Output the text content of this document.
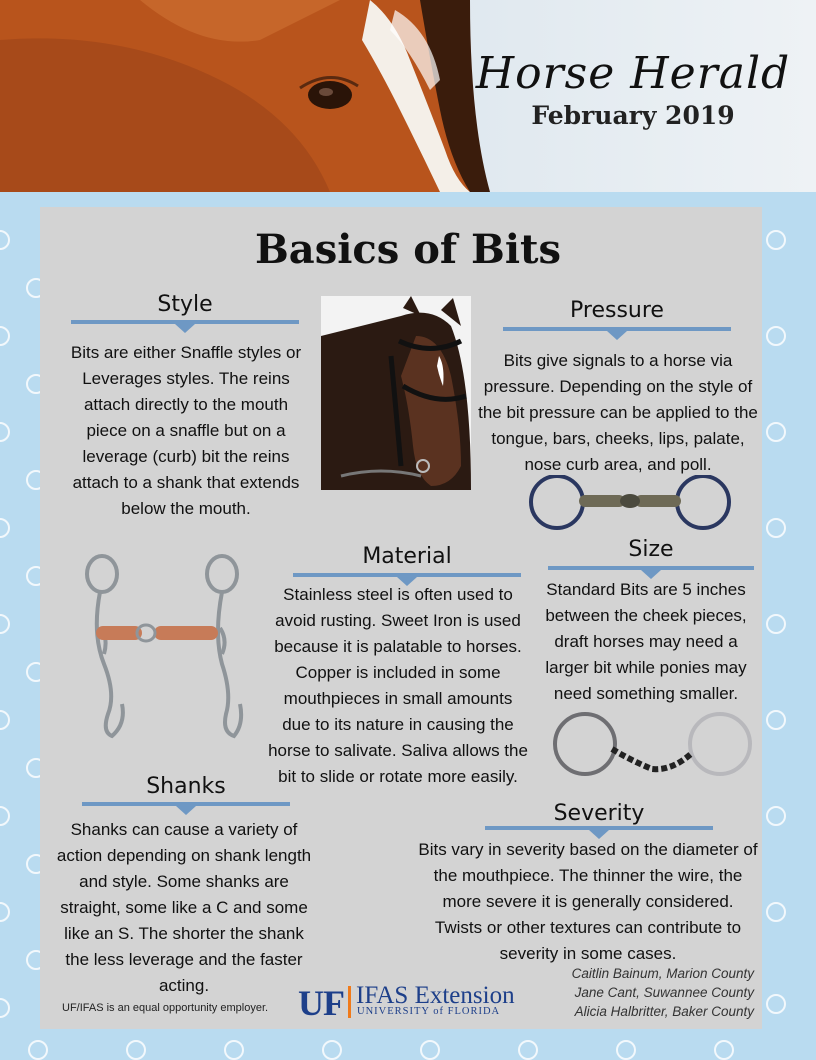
Horse Herald
February 2019
Basics of Bits
Style
Bits are either Snaffle styles or Leverages styles. The reins attach directly to the mouth piece on a snaffle but on a leverage (curb) bit the reins attach to a shank that extends below the mouth.
Pressure
Bits give signals to a horse via pressure. Depending on the style of the bit pressure can be applied to the tongue, bars, cheeks, lips, palate, nose curb area, and poll.
Material
Stainless steel is often used to avoid rusting. Sweet Iron is used because it is palatable to horses. Copper is included in some mouthpieces in small amounts due to its nature in causing the horse to salivate. Saliva allows the bit to slide or rotate more easily.
Size
Standard Bits are 5 inches between the cheek pieces, draft horses may need a larger bit while ponies may need something smaller.
Shanks
Shanks can cause a variety of action depending on shank length and style. Some shanks are straight, some like a C and some like an S. The shorter the shank the less leverage and the faster acting.
Severity
Bits vary in severity based on the diameter of the mouthpiece. The thinner the wire, the more severe it is generally considered. Twists or other textures can contribute to severity in some cases.
Caitlin Bainum, Marion County
Jane Cant, Suwannee County
Alicia Halbritter, Baker County
UF/IFAS is an equal opportunity employer. UF IFAS Extension
UNIVERSITY of FLORIDA
